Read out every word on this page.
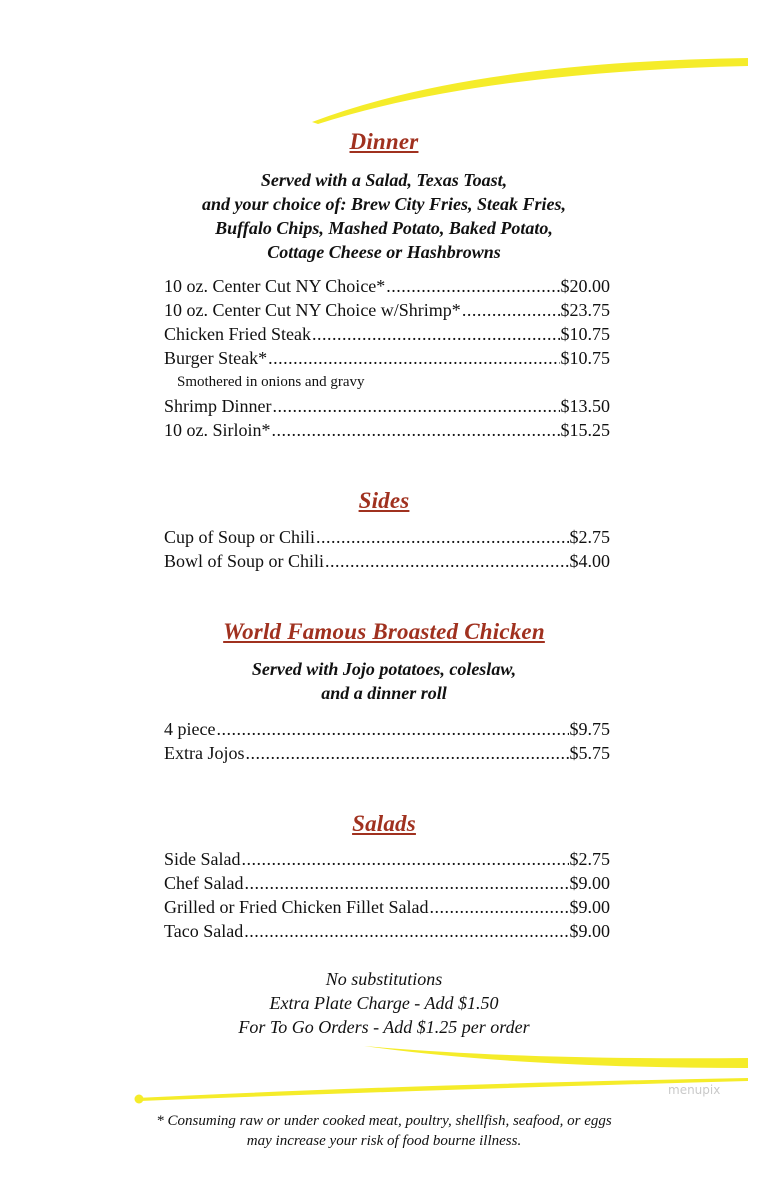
Dinner
Served with a Salad, Texas Toast,
and your choice of: Brew City Fries, Steak Fries,
Buffalo Chips, Mashed Potato, Baked Potato,
Cottage Cheese or Hashbrowns
10 oz. Center Cut NY Choice* .....	$20.00
10 oz. Center Cut NY Choice w/Shrimp* .....	$23.75
Chicken Fried Steak .....	$10.75
Burger Steak* .....	$10.75
Smothered in onions and gravy
Shrimp Dinner .....	$13.50
10 oz. Sirloin* .....	$15.25
Sides
Cup of Soup or Chili .....	$2.75
Bowl of Soup or Chili .....	$4.00
World Famous Broasted Chicken
Served with Jojo potatoes, coleslaw,
and a dinner roll
4 piece .....	$9.75
Extra Jojos .....	$5.75
Salads
Side Salad .....	$2.75
Chef Salad .....	$9.00
Grilled or Fried Chicken Fillet Salad .....	$9.00
Taco Salad .....	$9.00
No substitutions
Extra Plate Charge - Add $1.50
For To Go Orders - Add $1.25 per order
* Consuming raw or under cooked meat, poultry, shellfish, seafood, or eggs
may increase your risk of food bourne illness.
menupix
